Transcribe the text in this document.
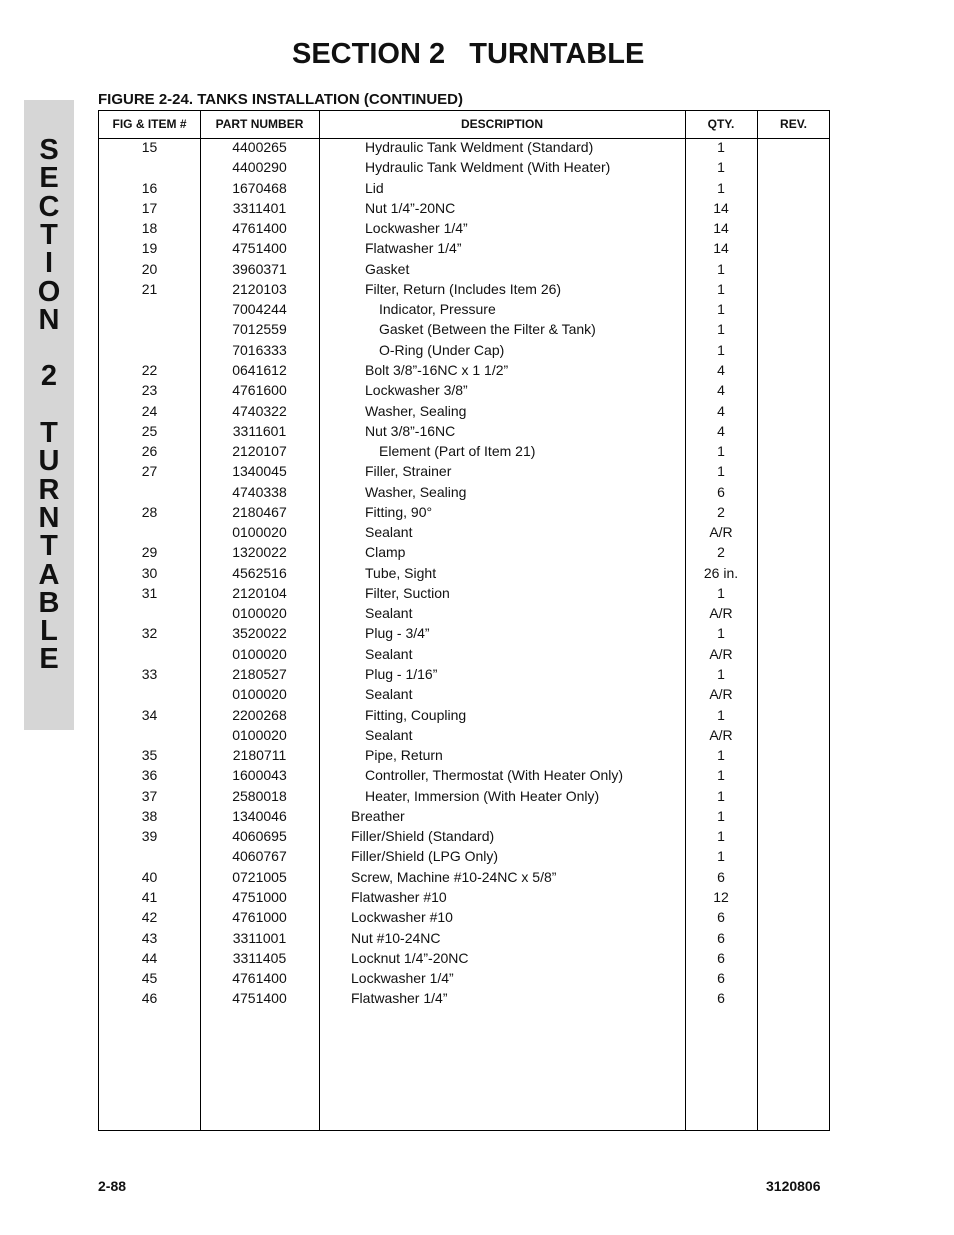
SECTION 2   TURNTABLE
S
E
C
T
I
O
N
2
T
U
R
N
T
A
B
L
E
FIGURE 2-24. TANKS INSTALLATION (CONTINUED)
FIG & ITEM #	PART NUMBER	DESCRIPTION	QTY.	REV.
15	4400265	Hydraulic Tank Weldment (Standard)	1
4400290	Hydraulic Tank Weldment (With Heater)	1
16	1670468	Lid	1
17	3311401	Nut 1/4”-20NC	14
18	4761400	Lockwasher 1/4”	14
19	4751400	Flatwasher 1/4”	14
20	3960371	Gasket	1
21	2120103	Filter, Return (Includes Item 26)	1
7004244	Indicator, Pressure	1
7012559	Gasket (Between the Filter & Tank)	1
7016333	O-Ring (Under Cap)	1
22	0641612	Bolt 3/8”-16NC x 1 1/2”	4
23	4761600	Lockwasher 3/8”	4
24	4740322	Washer, Sealing	4
25	3311601	Nut 3/8”-16NC	4
26	2120107	Element (Part of Item 21)	1
27	1340045	Filler, Strainer	1
4740338	Washer, Sealing	6
28	2180467	Fitting, 90°	2
0100020	Sealant	A/R
29	1320022	Clamp	2
30	4562516	Tube, Sight	26 in.
31	2120104	Filter, Suction	1
0100020	Sealant	A/R
32	3520022	Plug - 3/4”	1
0100020	Sealant	A/R
33	2180527	Plug - 1/16”	1
0100020	Sealant	A/R
34	2200268	Fitting, Coupling	1
0100020	Sealant	A/R
35	2180711	Pipe, Return	1
36	1600043	Controller, Thermostat (With Heater Only)	1
37	2580018	Heater, Immersion (With Heater Only)	1
38	1340046	Breather	1
39	4060695	Filler/Shield (Standard)	1
4060767	Filler/Shield (LPG Only)	1
40	0721005	Screw, Machine #10-24NC x 5/8”	6
41	4751000	Flatwasher #10	12
42	4761000	Lockwasher #10	6
43	3311001	Nut #10-24NC	6
44	3311405	Locknut 1/4”-20NC	6
45	4761400	Lockwasher 1/4”	6
46	4751400	Flatwasher 1/4”	6
2-88	3120806
